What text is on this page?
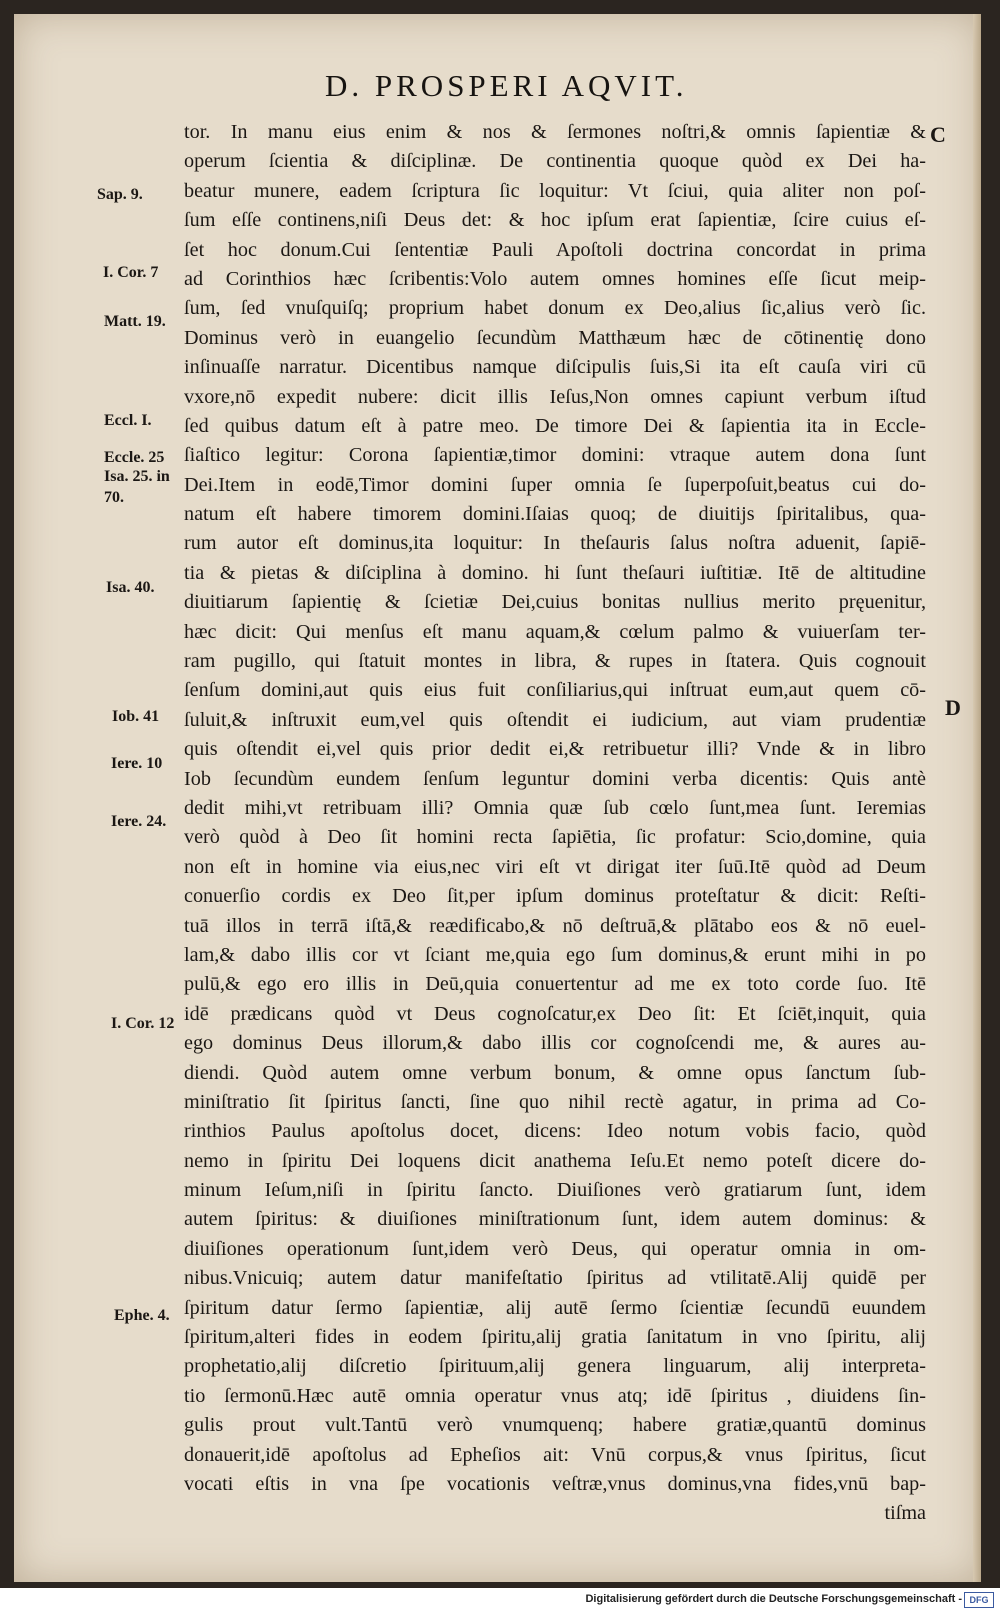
D. PROSPERI AQVIT.
C
D
Sap. 9.
I. Cor. 7
Matt. 19.
Eccl. I.
Eccle. 25
Isa. 25. in
70.
Isa. 40.
Iob. 41
Iere. 10
Iere. 24.
I. Cor. 12
Ephe. 4.
tor. In manu eius enim & nos & ſermones noſtri,& omnis ſapientiæ &
operum ſcientia & diſciplinæ. De continentia quoque quòd ex Dei ha-
beatur munere, eadem ſcriptura ſic loquitur: Vt ſciui, quia aliter non poſ-
ſum eſſe continens,niſi Deus det: & hoc ipſum erat ſapientiæ, ſcire cuius eſ-
ſet hoc donum.Cui ſententiæ Pauli Apoſtoli doctrina concordat in prima
ad Corinthios hæc ſcribentis:Volo autem omnes homines eſſe ſicut meip-
ſum, ſed vnuſquiſq; proprium habet donum ex Deo,alius ſic,alius verò ſic.
Dominus verò in euangelio ſecundùm Matthæum hæc de cōtinentię dono
inſinuaſſe narratur. Dicentibus namque diſcipulis ſuis,Si ita eſt cauſa viri cū
vxore,nō expedit nubere: dicit illis Ieſus,Non omnes capiunt verbum iſtud
ſed quibus datum eſt à patre meo. De timore Dei & ſapientia ita in Eccle-
ſiaſtico legitur: Corona ſapientiæ,timor domini: vtraque autem dona ſunt
Dei.Item in eodē,Timor domini ſuper omnia ſe ſuperpoſuit,beatus cui do-
natum eſt habere timorem domini.Iſaias quoq; de diuitijs ſpiritalibus, qua-
rum autor eſt dominus,ita loquitur: In theſauris ſalus noſtra aduenit, ſapiē-
tia & pietas & diſciplina à domino. hi ſunt theſauri iuſtitiæ. Itē de altitudine
diuitiarum ſapientię & ſcietiæ Dei,cuius bonitas nullius merito pręuenitur,
hæc dicit: Qui menſus eſt manu aquam,& cœlum palmo & vuiuerſam ter-
ram pugillo, qui ſtatuit montes in libra, & rupes in ſtatera. Quis cognouit
ſenſum domini,aut quis eius fuit conſiliarius,qui inſtruat eum,aut quem cō-
ſuluit,& inſtruxit eum,vel quis oſtendit ei iudicium, aut viam prudentiæ
quis oſtendit ei,vel quis prior dedit ei,& retribuetur illi? Vnde & in libro
Iob ſecundùm eundem ſenſum leguntur domini verba dicentis: Quis antè
dedit mihi,vt retribuam illi? Omnia quæ ſub cœlo ſunt,mea ſunt. Ieremias
verò quòd à Deo ſit homini recta ſapiētia, ſic profatur: Scio,domine, quia
non eſt in homine via eius,nec viri eſt vt dirigat iter ſuū.Itē quòd ad Deum
conuerſio cordis ex Deo ſit,per ipſum dominus proteſtatur & dicit: Reſti-
tuā illos in terrā iſtā,& reædificabo,& nō deſtruā,& plātabo eos & nō euel-
lam,& dabo illis cor vt ſciant me,quia ego ſum dominus,& erunt mihi in po
pulū,& ego ero illis in Deū,quia conuertentur ad me ex toto corde ſuo. Itē
idē prædicans quòd vt Deus cognoſcatur,ex Deo ſit: Et ſciēt,inquit, quia
ego dominus Deus illorum,& dabo illis cor cognoſcendi me, & aures au-
diendi. Quòd autem omne verbum bonum, & omne opus ſanctum ſub-
miniſtratio ſit ſpiritus ſancti, ſine quo nihil rectè agatur, in prima ad Co-
rinthios Paulus apoſtolus docet, dicens: Ideo notum vobis facio, quòd
nemo in ſpiritu Dei loquens dicit anathema Ieſu.Et nemo poteſt dicere do-
minum Ieſum,niſi in ſpiritu ſancto. Diuiſiones verò gratiarum ſunt, idem
autem ſpiritus: & diuiſiones miniſtrationum ſunt, idem autem dominus: &
diuiſiones operationum ſunt,idem verò Deus, qui operatur omnia in om-
nibus.Vnicuiq; autem datur manifeſtatio ſpiritus ad vtilitatē.Alij quidē per
ſpiritum datur ſermo ſapientiæ, alij autē ſermo ſcientiæ ſecundū euundem
ſpiritum,alteri fides in eodem ſpiritu,alij gratia ſanitatum in vno ſpiritu, alij
prophetatio,alij diſcretio ſpirituum,alij genera linguarum, alij interpreta-
tio ſermonū.Hæc autē omnia operatur vnus atq; idē ſpiritus , diuidens ſin-
gulis prout vult.Tantū verò vnumquenq; habere gratiæ,quantū dominus
donauerit,idē apoſtolus ad Epheſios ait: Vnū corpus,& vnus ſpiritus, ſicut
vocati eſtis in vna ſpe vocationis veſtræ,vnus dominus,vna fides,vnū bap-
tiſma
Digitalisierung gefördert durch die Deutsche Forschungsgemeinschaft - DFG
